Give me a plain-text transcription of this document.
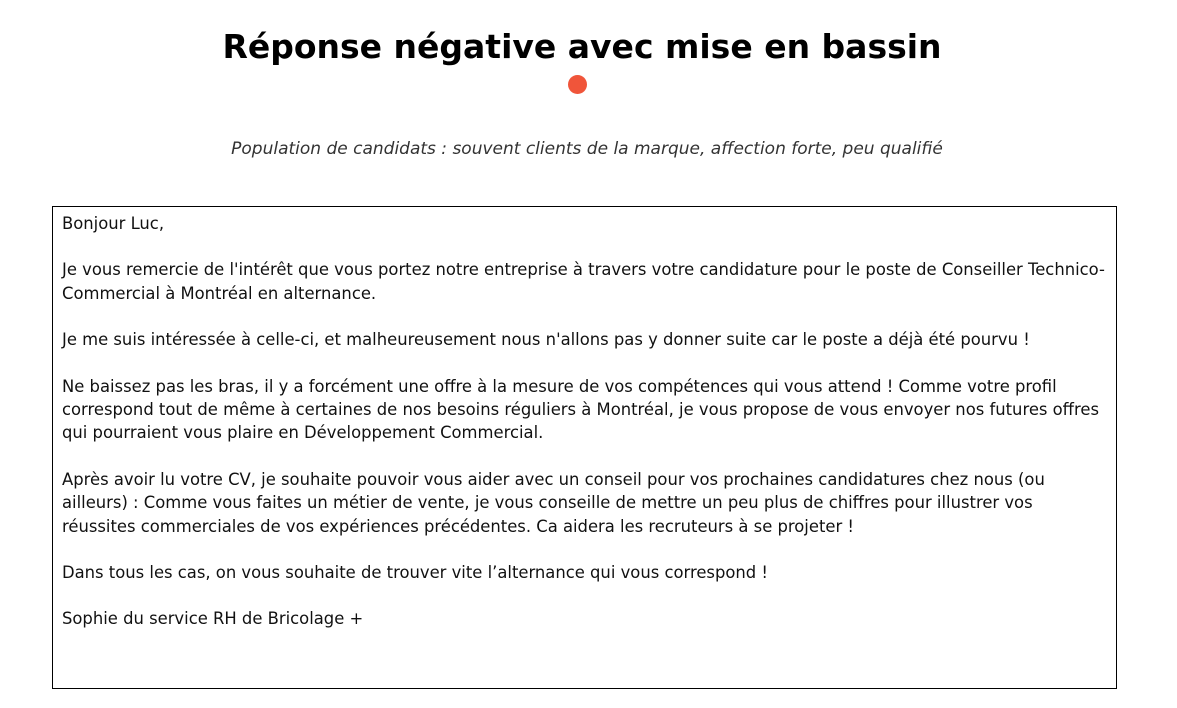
Réponse négative avec mise en bassin

Population de candidats : souvent clients de la marque, affection forte, peu qualifié

Bonjour Luc,

Je vous remercie de l'intérêt que vous portez notre entreprise à travers votre candidature pour le poste de Conseiller Technico-Commercial à Montréal en alternance.

Je me suis intéressée à celle-ci, et malheureusement nous n'allons pas y donner suite car le poste a déjà été pourvu !

Ne baissez pas les bras, il y a forcément une offre à la mesure de vos compétences qui vous attend ! Comme votre profil correspond tout de même à certaines de nos besoins réguliers à Montréal, je vous propose de vous envoyer nos futures offres qui pourraient vous plaire en Développement Commercial.

Après avoir lu votre CV, je souhaite pouvoir vous aider avec un conseil pour vos prochaines candidatures chez nous (ou ailleurs) : Comme vous faites un métier de vente, je vous conseille de mettre un peu plus de chiffres pour illustrer vos réussites commerciales de vos expériences précédentes. Ca aidera les recruteurs à se projeter !

Dans tous les cas, on vous souhaite de trouver vite l’alternance qui vous correspond !

Sophie du service RH de Bricolage +
